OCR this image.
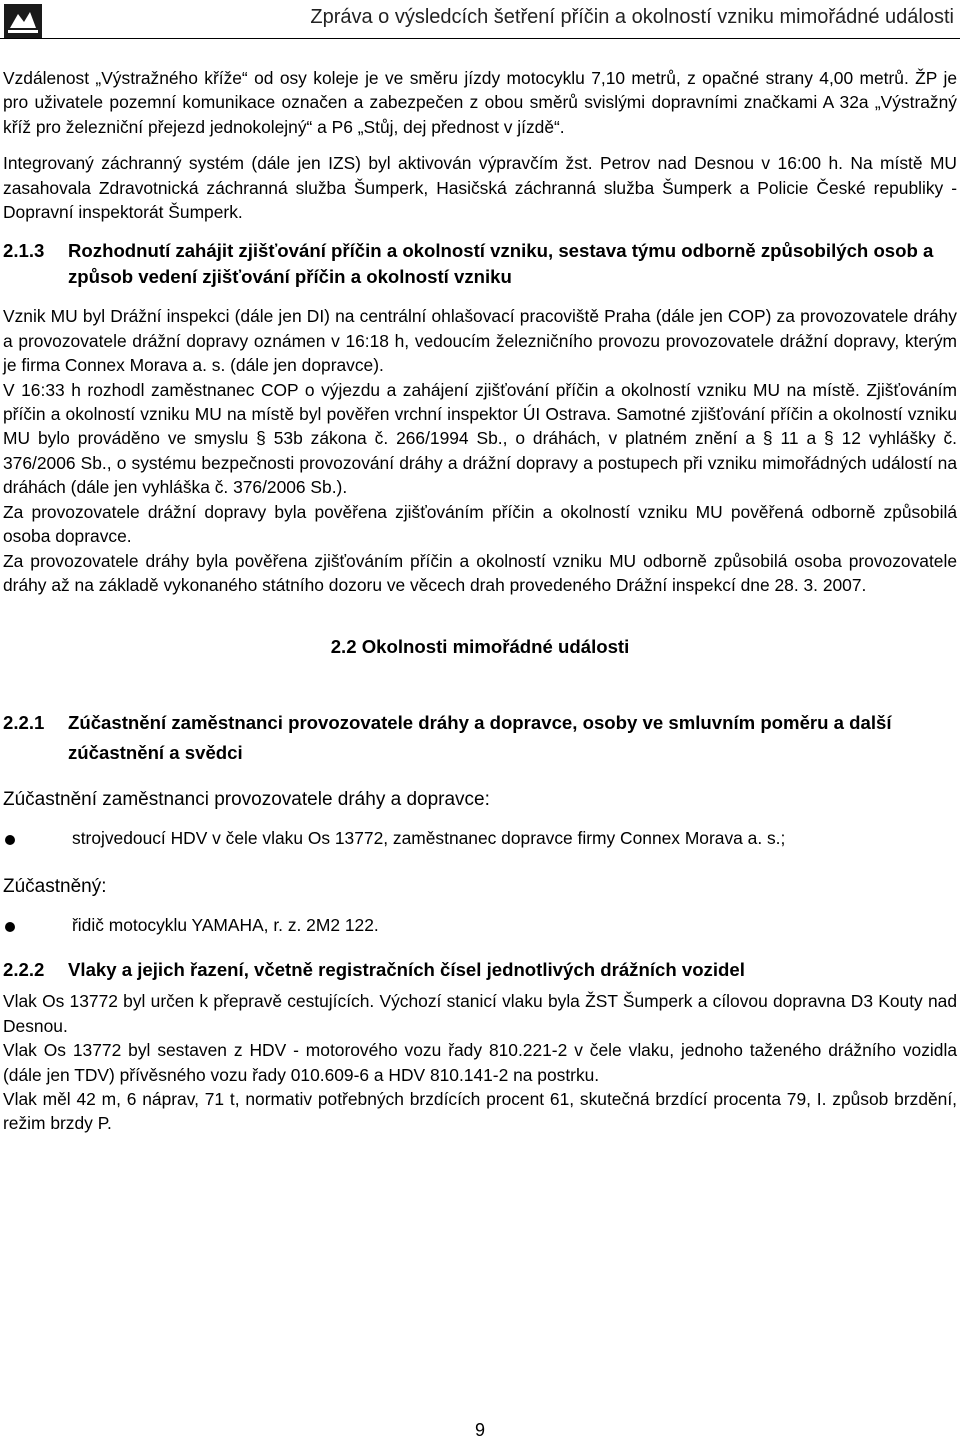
Zpráva o výsledcích šetření příčin a okolností vzniku mimořádné události

Vzdálenost „Výstražného kříže“ od osy koleje je ve směru jízdy motocyklu 7,10 metrů, z opačné strany 4,00 metrů. ŽP je pro uživatele pozemní komunikace označen a zabezpečen z obou směrů svislými dopravními značkami A 32a „Výstražný kříž pro železniční přejezd jednokolejný“ a P6 „Stůj, dej přednost v jízdě“.

Integrovaný záchranný systém (dále jen IZS) byl aktivován výpravčím žst. Petrov nad Desnou v 16:00 h. Na místě MU zasahovala Zdravotnická záchranná služba Šumperk, Hasičská záchranná služba Šumperk a Policie České republiky - Dopravní inspektorát Šumperk.

2.1.3	Rozhodnutí zahájit zjišťování příčin a okolností vzniku, sestava týmu odborně způsobilých osob a způsob vedení zjišťování příčin a okolností vzniku

Vznik MU byl Drážní inspekci (dále jen DI) na centrální ohlašovací pracoviště Praha (dále jen COP) za provozovatele dráhy a provozovatele drážní dopravy oznámen v 16:18 h, vedoucím železničního provozu provozovatele drážní dopravy, kterým je firma Connex Morava a. s. (dále jen dopravce).

V 16:33 h rozhodl zaměstnanec COP o výjezdu a zahájení zjišťování příčin a okolností vzniku MU na místě. Zjišťováním příčin a okolností vzniku MU na místě byl pověřen vrchní inspektor ÚI Ostrava. Samotné zjišťování příčin a okolností vzniku MU bylo prováděno ve smyslu § 53b zákona č. 266/1994 Sb., o dráhách, v platném znění a § 11 a § 12 vyhlášky č. 376/2006 Sb., o systému bezpečnosti provozování dráhy a drážní dopravy a postupech při vzniku mimořádných událostí na dráhách (dále jen vyhláška č. 376/2006 Sb.).

Za provozovatele drážní dopravy byla pověřena zjišťováním příčin a okolností vzniku MU pověřená odborně způsobilá osoba dopravce.

Za provozovatele dráhy byla pověřena zjišťováním příčin a okolností vzniku MU odborně způsobilá osoba provozovatele dráhy až na základě vykonaného státního dozoru ve věcech drah provedeného Drážní inspekcí dne 28. 3. 2007.

2.2 Okolnosti mimořádné události
2.2.1	Zúčastnění zaměstnanci provozovatele dráhy a dopravce, osoby ve smluvním poměru a další zúčastnění a svědci
Zúčastnění zaměstnanci provozovatele dráhy a dopravce:
strojvedoucí HDV v čele vlaku Os 13772, zaměstnanec dopravce firmy Connex Morava a. s.;
Zúčastněný:
řidič motocyklu YAMAHA, r. z. 2M2 122.
2.2.2	Vlaky a jejich řazení, včetně registračních čísel jednotlivých drážních vozidel

Vlak Os 13772 byl určen k přepravě cestujících. Výchozí stanicí vlaku byla ŽST Šumperk a cílovou dopravna D3 Kouty nad Desnou.

Vlak Os 13772 byl sestaven z HDV - motorového vozu řady 810.221-2 v čele vlaku, jednoho taženého drážního vozidla (dále jen TDV) přívěsného vozu řady 010.609-6 a HDV 810.141-2 na postrku.

Vlak měl 42 m, 6 náprav, 71 t, normativ potřebných brzdících procent 61, skutečná brzdící procenta 79, I. způsob brzdění, režim brzdy P.

9
